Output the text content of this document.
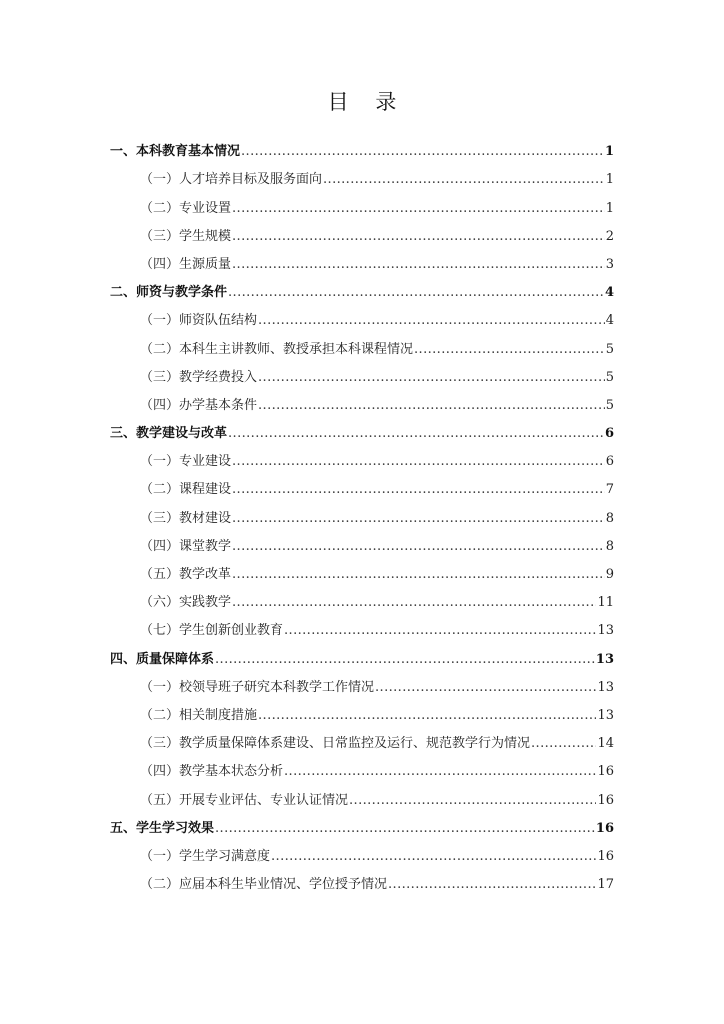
目 录
一、本科教育基本情况 .....	1
（一）人才培养目标及服务面向 .....	1
（二）专业设置 .....	1
（三）学生规模 .....	2
（四）生源质量 .....	3
二、师资与教学条件 .....	4
（一）师资队伍结构 .....	4
（二）本科生主讲教师、教授承担本科课程情况 .....	5
（三）教学经费投入 .....	5
（四）办学基本条件 .....	5
三、教学建设与改革 .....	6
（一）专业建设 .....	6
（二）课程建设 .....	7
（三）教材建设 .....	8
（四）课堂教学 .....	8
（五）教学改革 .....	9
（六）实践教学 .....	11
（七）学生创新创业教育 .....	13
四、质量保障体系 .....	13
（一）校领导班子研究本科教学工作情况 .....	13
（二）相关制度措施 .....	13
（三）教学质量保障体系建设、日常监控及运行、规范教学行为情况 .....	14
（四）教学基本状态分析 .....	16
（五）开展专业评估、专业认证情况 .....	16
五、学生学习效果 .....	16
（一）学生学习满意度 .....	16
（二）应届本科生毕业情况、学位授予情况 .....	17
